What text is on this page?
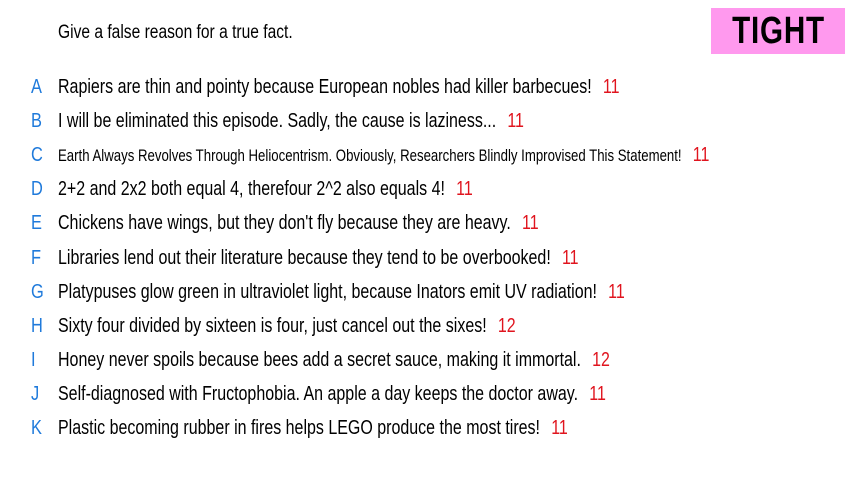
Give a false reason for a true fact.	TIGHT
A Rapiers are thin and pointy because European nobles had killer barbecues! 11
B I will be eliminated this episode. Sadly, the cause is laziness... 11
C Earth Always Revolves Through Heliocentrism. Obviously, Researchers Blindly Improvised This Statement! 11
D 2+2 and 2x2 both equal 4, therefour 2^2 also equals 4! 11
E Chickens have wings, but they don't fly because they are heavy. 11
F Libraries lend out their literature because they tend to be overbooked! 11
G Platypuses glow green in ultraviolet light, because Inators emit UV radiation! 11
H Sixty four divided by sixteen is four, just cancel out the sixes! 12
I	Honey never spoils because bees add a secret sauce, making it immortal. 12
J Self-diagnosed with Fructophobia. An apple a day keeps the doctor away. 11
K Plastic becoming rubber in fires helps LEGO produce the most tires! 11
